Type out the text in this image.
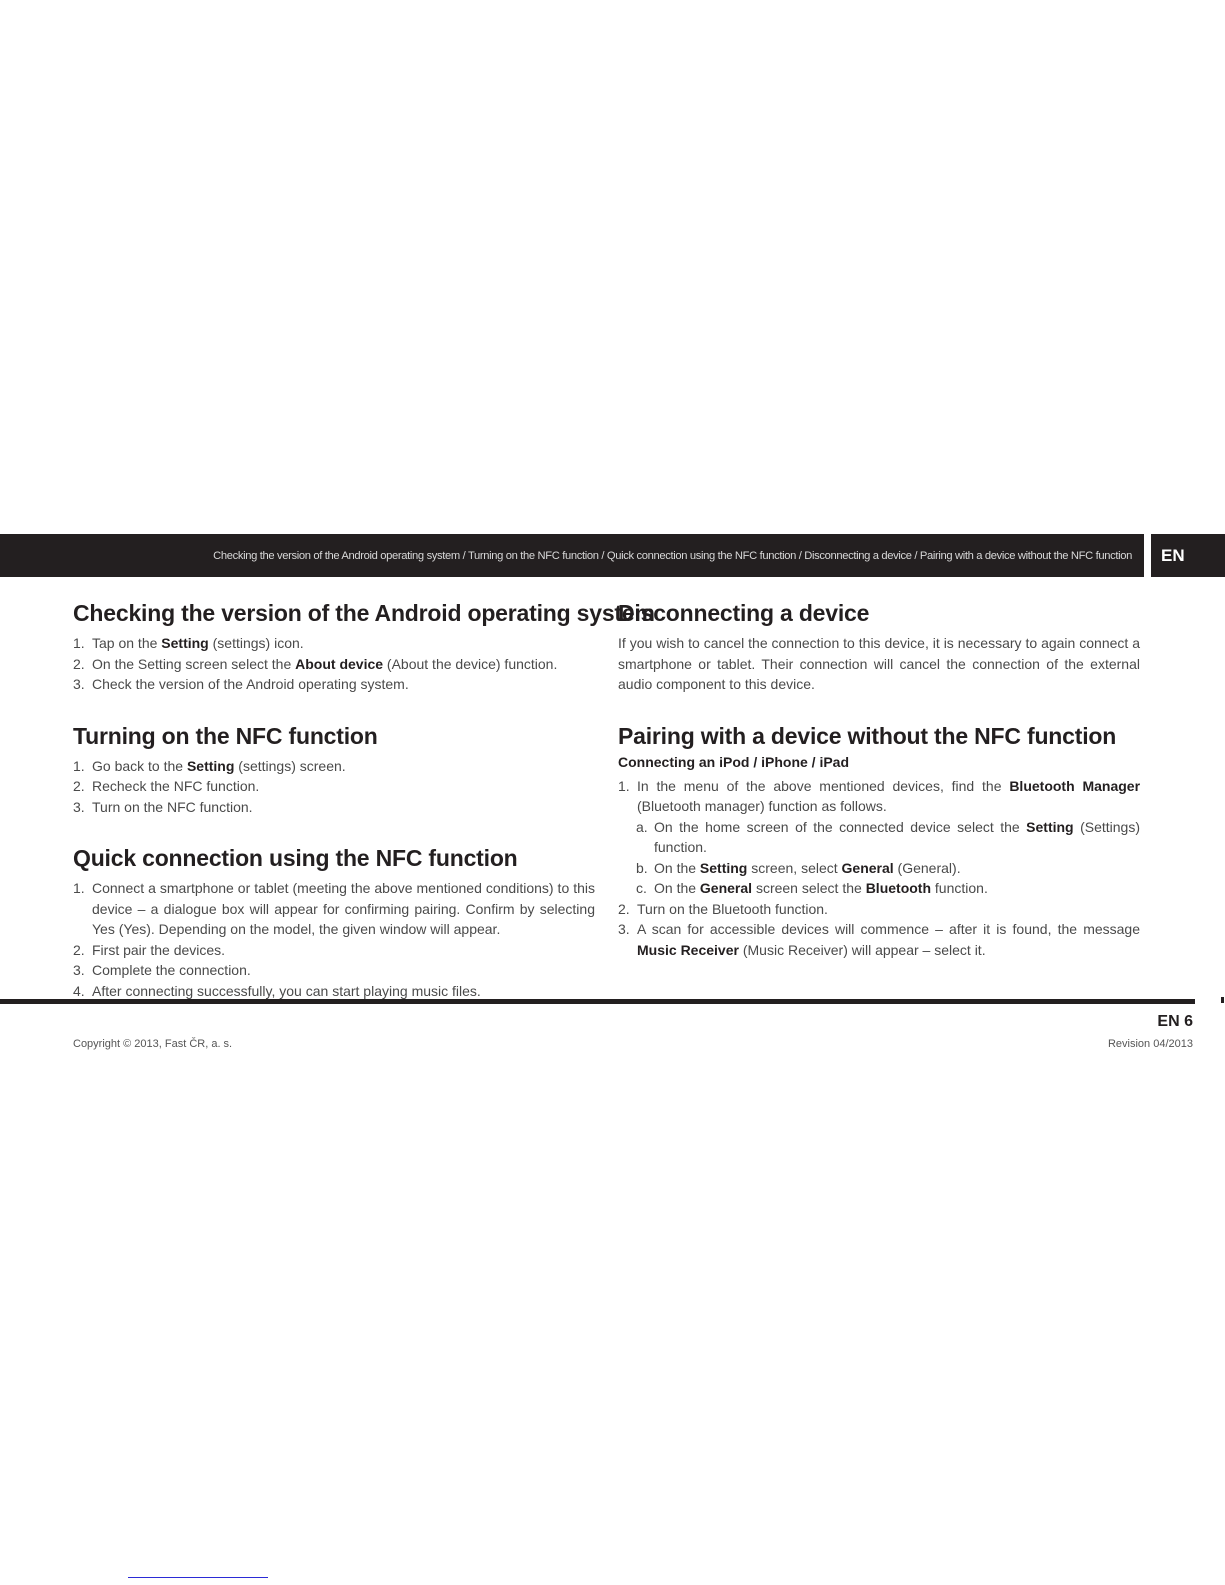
Checking the version of the Android operating system / Turning on the NFC function / Quick connection using the NFC function / Disconnecting a device / Pairing with a device without the NFC function	EN
Checking the version of the Android operating system
1. Tap on the Setting (settings) icon.
2. On the Setting screen select the About device (About the device) function.
3. Check the version of the Android operating system.
Turning on the NFC function
1. Go back to the Setting (settings) screen.
2. Recheck the NFC function.
3. Turn on the NFC function.
Quick connection using the NFC function
1. Connect a smartphone or tablet (meeting the above mentioned conditions) to this device – a dialogue box will appear for confirming pairing. Confirm by selecting Yes (Yes). Depending on the model, the given window will appear.
2. First pair the devices.
3. Complete the connection.
4. After connecting successfully, you can start playing music files.
Disconnecting a device

If you wish to cancel the connection to this device, it is necessary to again connect a smartphone or tablet. Their connection will cancel the connection of the external audio component to this device.

Pairing with a device without the NFC function
Connecting an iPod / iPhone / iPad
1. In the menu of the above mentioned devices, find the Bluetooth Manager (Bluetooth manager) function as follows.
a. On the home screen of the connected device select the Setting (Settings) function.
b. On the Setting screen, select General (General).
c. On the General screen select the Bluetooth function.
2. Turn on the Bluetooth function.
3. A scan for accessible devices will commence – after it is found, the message Music Receiver (Music Receiver) will appear – select it.
EN 6
Copyright © 2013, Fast ČR, a. s.	Revision 04/2013
